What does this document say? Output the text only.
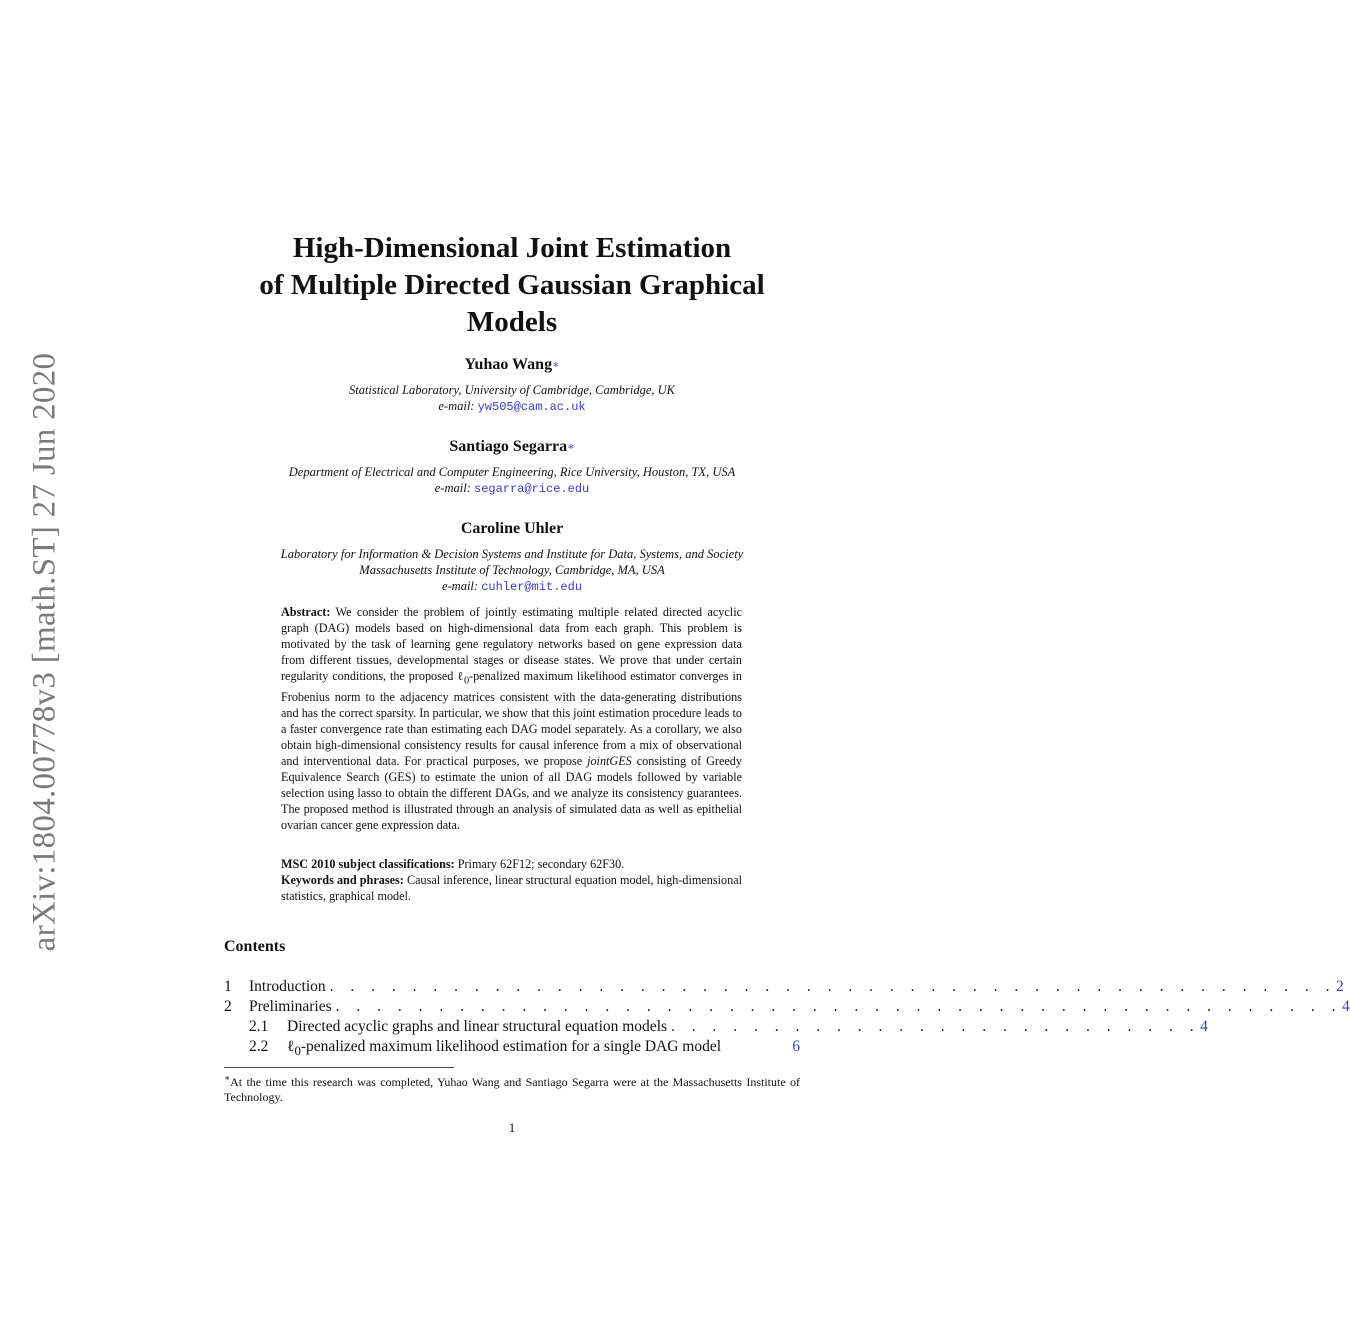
arXiv:1804.00778v3 [math.ST] 27 Jun 2020
High-Dimensional Joint Estimation
of Multiple Directed Gaussian Graphical
Models
Yuhao Wang∗
Statistical Laboratory, University of Cambridge, Cambridge, UK
e-mail: yw505@cam.ac.uk
Santiago Segarra∗
Department of Electrical and Computer Engineering, Rice University, Houston, TX, USA
e-mail: segarra@rice.edu
Caroline Uhler
Laboratory for Information & Decision Systems and Institute for Data, Systems, and Society
Massachusetts Institute of Technology, Cambridge, MA, USA
e-mail: cuhler@mit.edu
Abstract: We consider the problem of jointly estimating multiple related directed acyclic graph (DAG) models based on high-dimensional data from each graph. This problem is motivated by the task of learning gene regulatory networks based on gene expression data from different tissues, developmental stages or disease states. We prove that under certain regularity conditions, the proposed ℓ$_0$-penalized maximum likelihood estimator converges in Frobenius norm to the adjacency matrices consistent with the data-generating distributions and has the correct sparsity. In particular, we show that this joint estimation procedure leads to a faster convergence rate than estimating each DAG model separately. As a corollary, we also obtain high-dimensional consistency results for causal inference from a mix of observational and interventional data. For practical purposes, we propose jointGES consisting of Greedy Equivalence Search (GES) to estimate the union of all DAG models followed by variable selection using lasso to obtain the different DAGs, and we analyze its consistency guarantees. The proposed method is illustrated through an analysis of simulated data as well as epithelial ovarian cancer gene expression data.

MSC 2010 subject classifications: Primary 62F12; secondary 62F30.

Keywords and phrases: Causal inference, linear structural equation model, high-dimensional statistics, graphical model.

Contents
1 Introduction . . . . . . . . . . . . . . . . . . . . . . . . . . . . . . . . . . . . . . . . . . . . . . . . . 2
2 Preliminaries . . . . . . . . . . . . . . . . . . . . . . . . . . . . . . . . . . . . . . . . . . . . . . . . . 4
2.1 Directed acyclic graphs and linear structural equation models . . . . . . . . . . . . . . . . . . . . . . . . . . 4
2.2 ℓ$_0$-penalized maximum likelihood estimation for a single DAG model	6
∗At the time this research was completed, Yuhao Wang and Santiago Segarra were at the Massachusetts Institute of Technology.
1
